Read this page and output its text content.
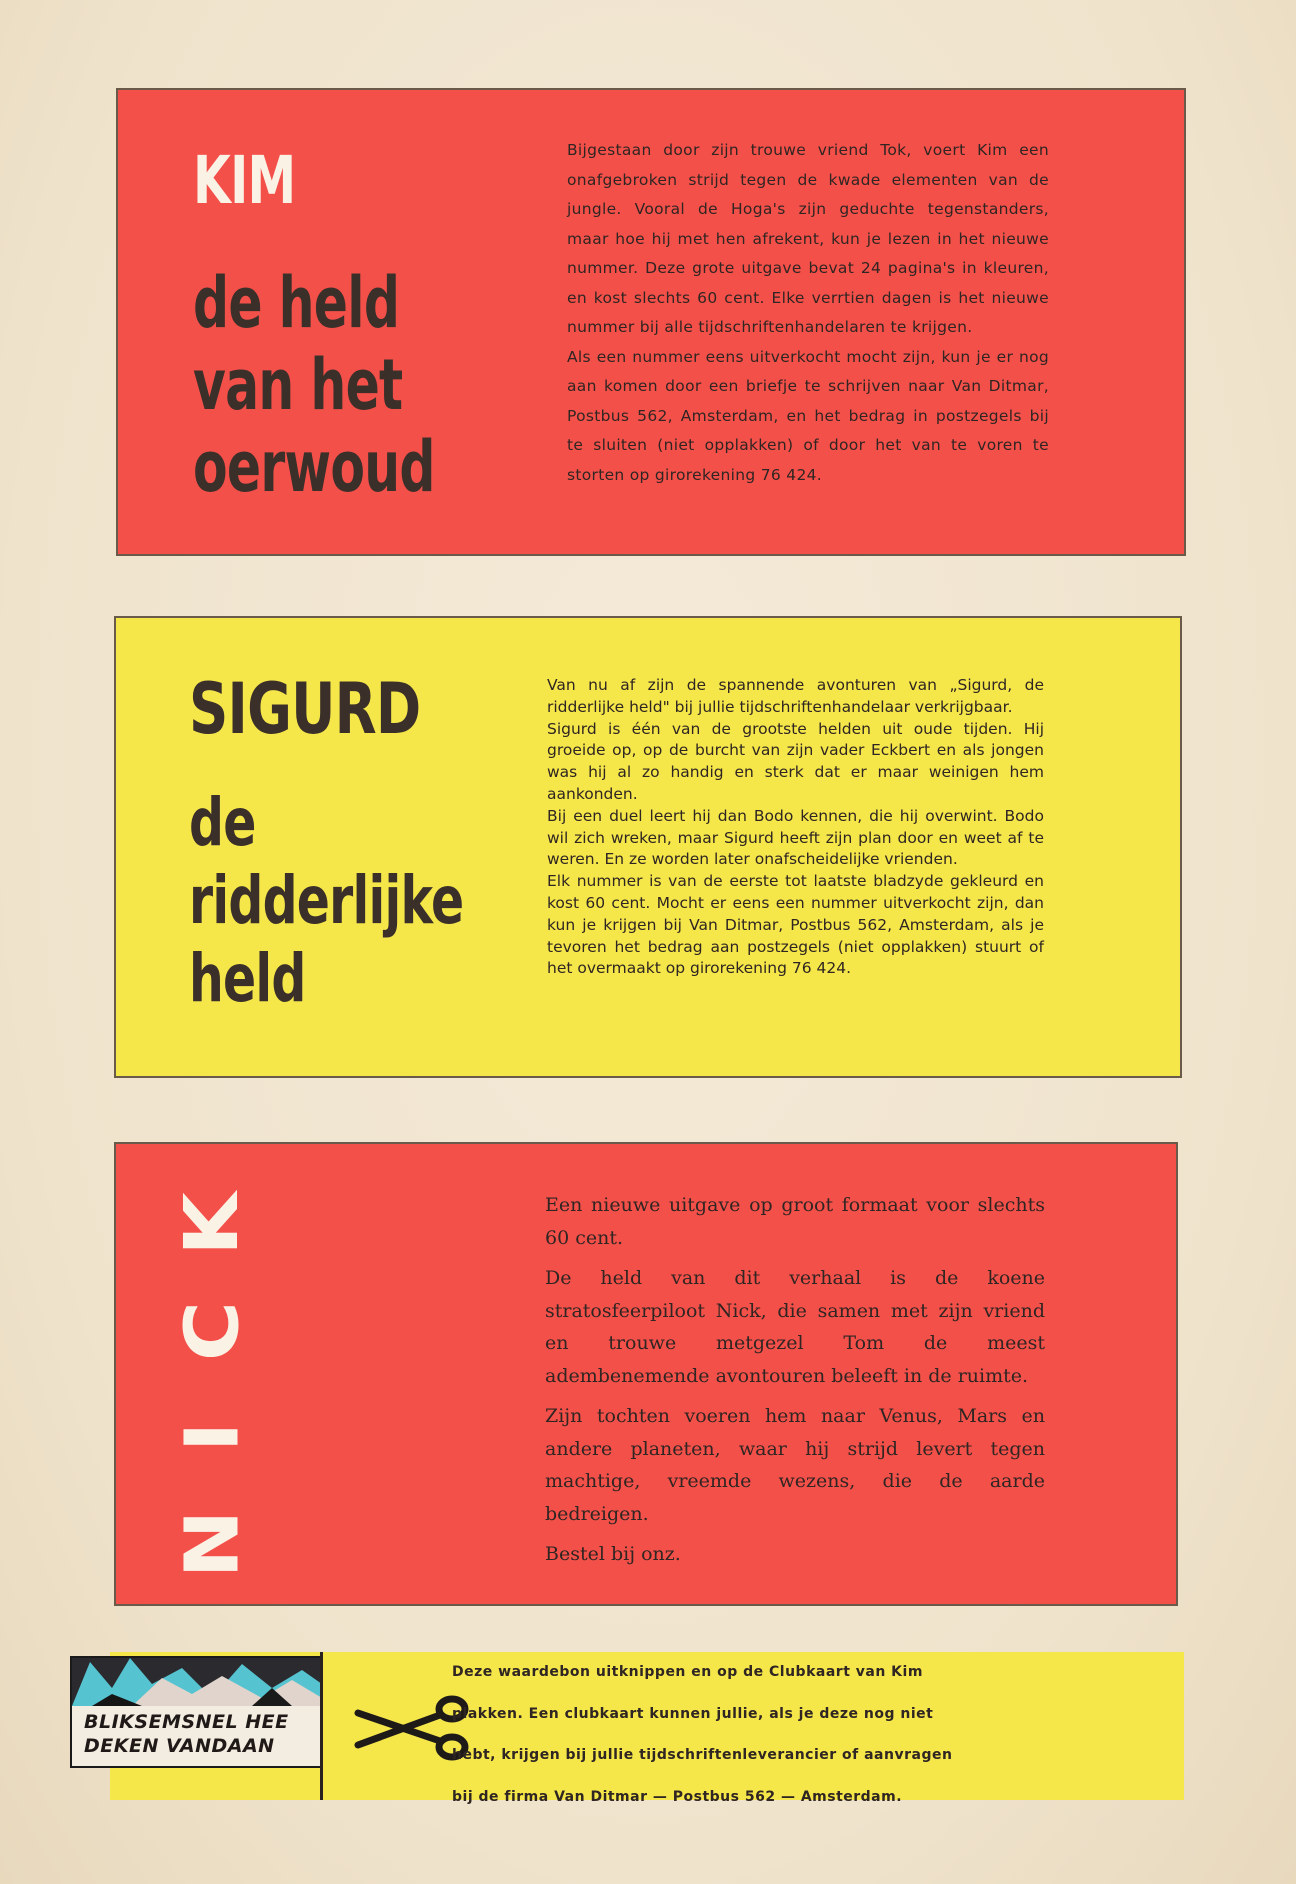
KIM
de held
van het
oerwoud

Bijgestaan door zijn trouwe vriend Tok, voert Kim een onafgebroken strijd tegen de kwade elementen van de jungle. Vooral de Hoga's zijn geduchte tegenstanders, maar hoe hij met hen afrekent, kun je lezen in het nieuwe nummer. Deze grote uitgave bevat 24 pagina's in kleuren, en kost slechts 60 cent. Elke verrtien dagen is het nieuwe nummer bij alle tijdschriftenhandelaren te krijgen.

Als een nummer eens uitverkocht mocht zijn, kun je er nog aan komen door een briefje te schrijven naar Van Ditmar, Postbus 562, Amsterdam, en het bedrag in postzegels bij te sluiten (niet opplakken) of door het van te voren te storten op girorekening 76 424.

SIGURD
de
ridderlijke
held

Van nu af zijn de spannende avonturen van „Sigurd, de ridderlijke held" bij jullie tijdschriftenhandelaar verkrijgbaar.

Sigurd is één van de grootste helden uit oude tijden. Hij groeide op, op de burcht van zijn vader Eckbert en als jongen was hij al zo handig en sterk dat er maar weinigen hem aankonden.

Bij een duel leert hij dan Bodo kennen, die hij overwint. Bodo wil zich wreken, maar Sigurd heeft zijn plan door en weet af te weren. En ze worden later onafscheidelijke vrienden.

Elk nummer is van de eerste tot laatste bladzyde gekleurd en kost 60 cent. Mocht er eens een nummer uitverkocht zijn, dan kun je krijgen bij Van Ditmar, Postbus 562, Amsterdam, als je tevoren het bedrag aan postzegels (niet opplakken) stuurt of het overmaakt op girorekening 76 424.

K
C
I
N

Een nieuwe uitgave op groot formaat voor slechts 60 cent.

De held van dit verhaal is de koene stratosfeerpiloot Nick, die samen met zijn vriend en trouwe metgezel Tom de meest adembenemende avontouren beleeft in de ruimte.

Zijn tochten voeren hem naar Venus, Mars en andere planeten, waar hij strijd levert tegen machtige, vreemde wezens, die de aarde bedreigen.

Bestel bij onz.

BLIKSEMSNEL HEE
DEKEN VANDAAN

Deze waardebon uitknippen en op de Clubkaart van Kim

plakken. Een clubkaart kunnen jullie, als je deze nog niet

hebt, krijgen bij jullie tijdschriftenleverancier of aanvragen

bij de firma Van Ditmar — Postbus 562 — Amsterdam.
